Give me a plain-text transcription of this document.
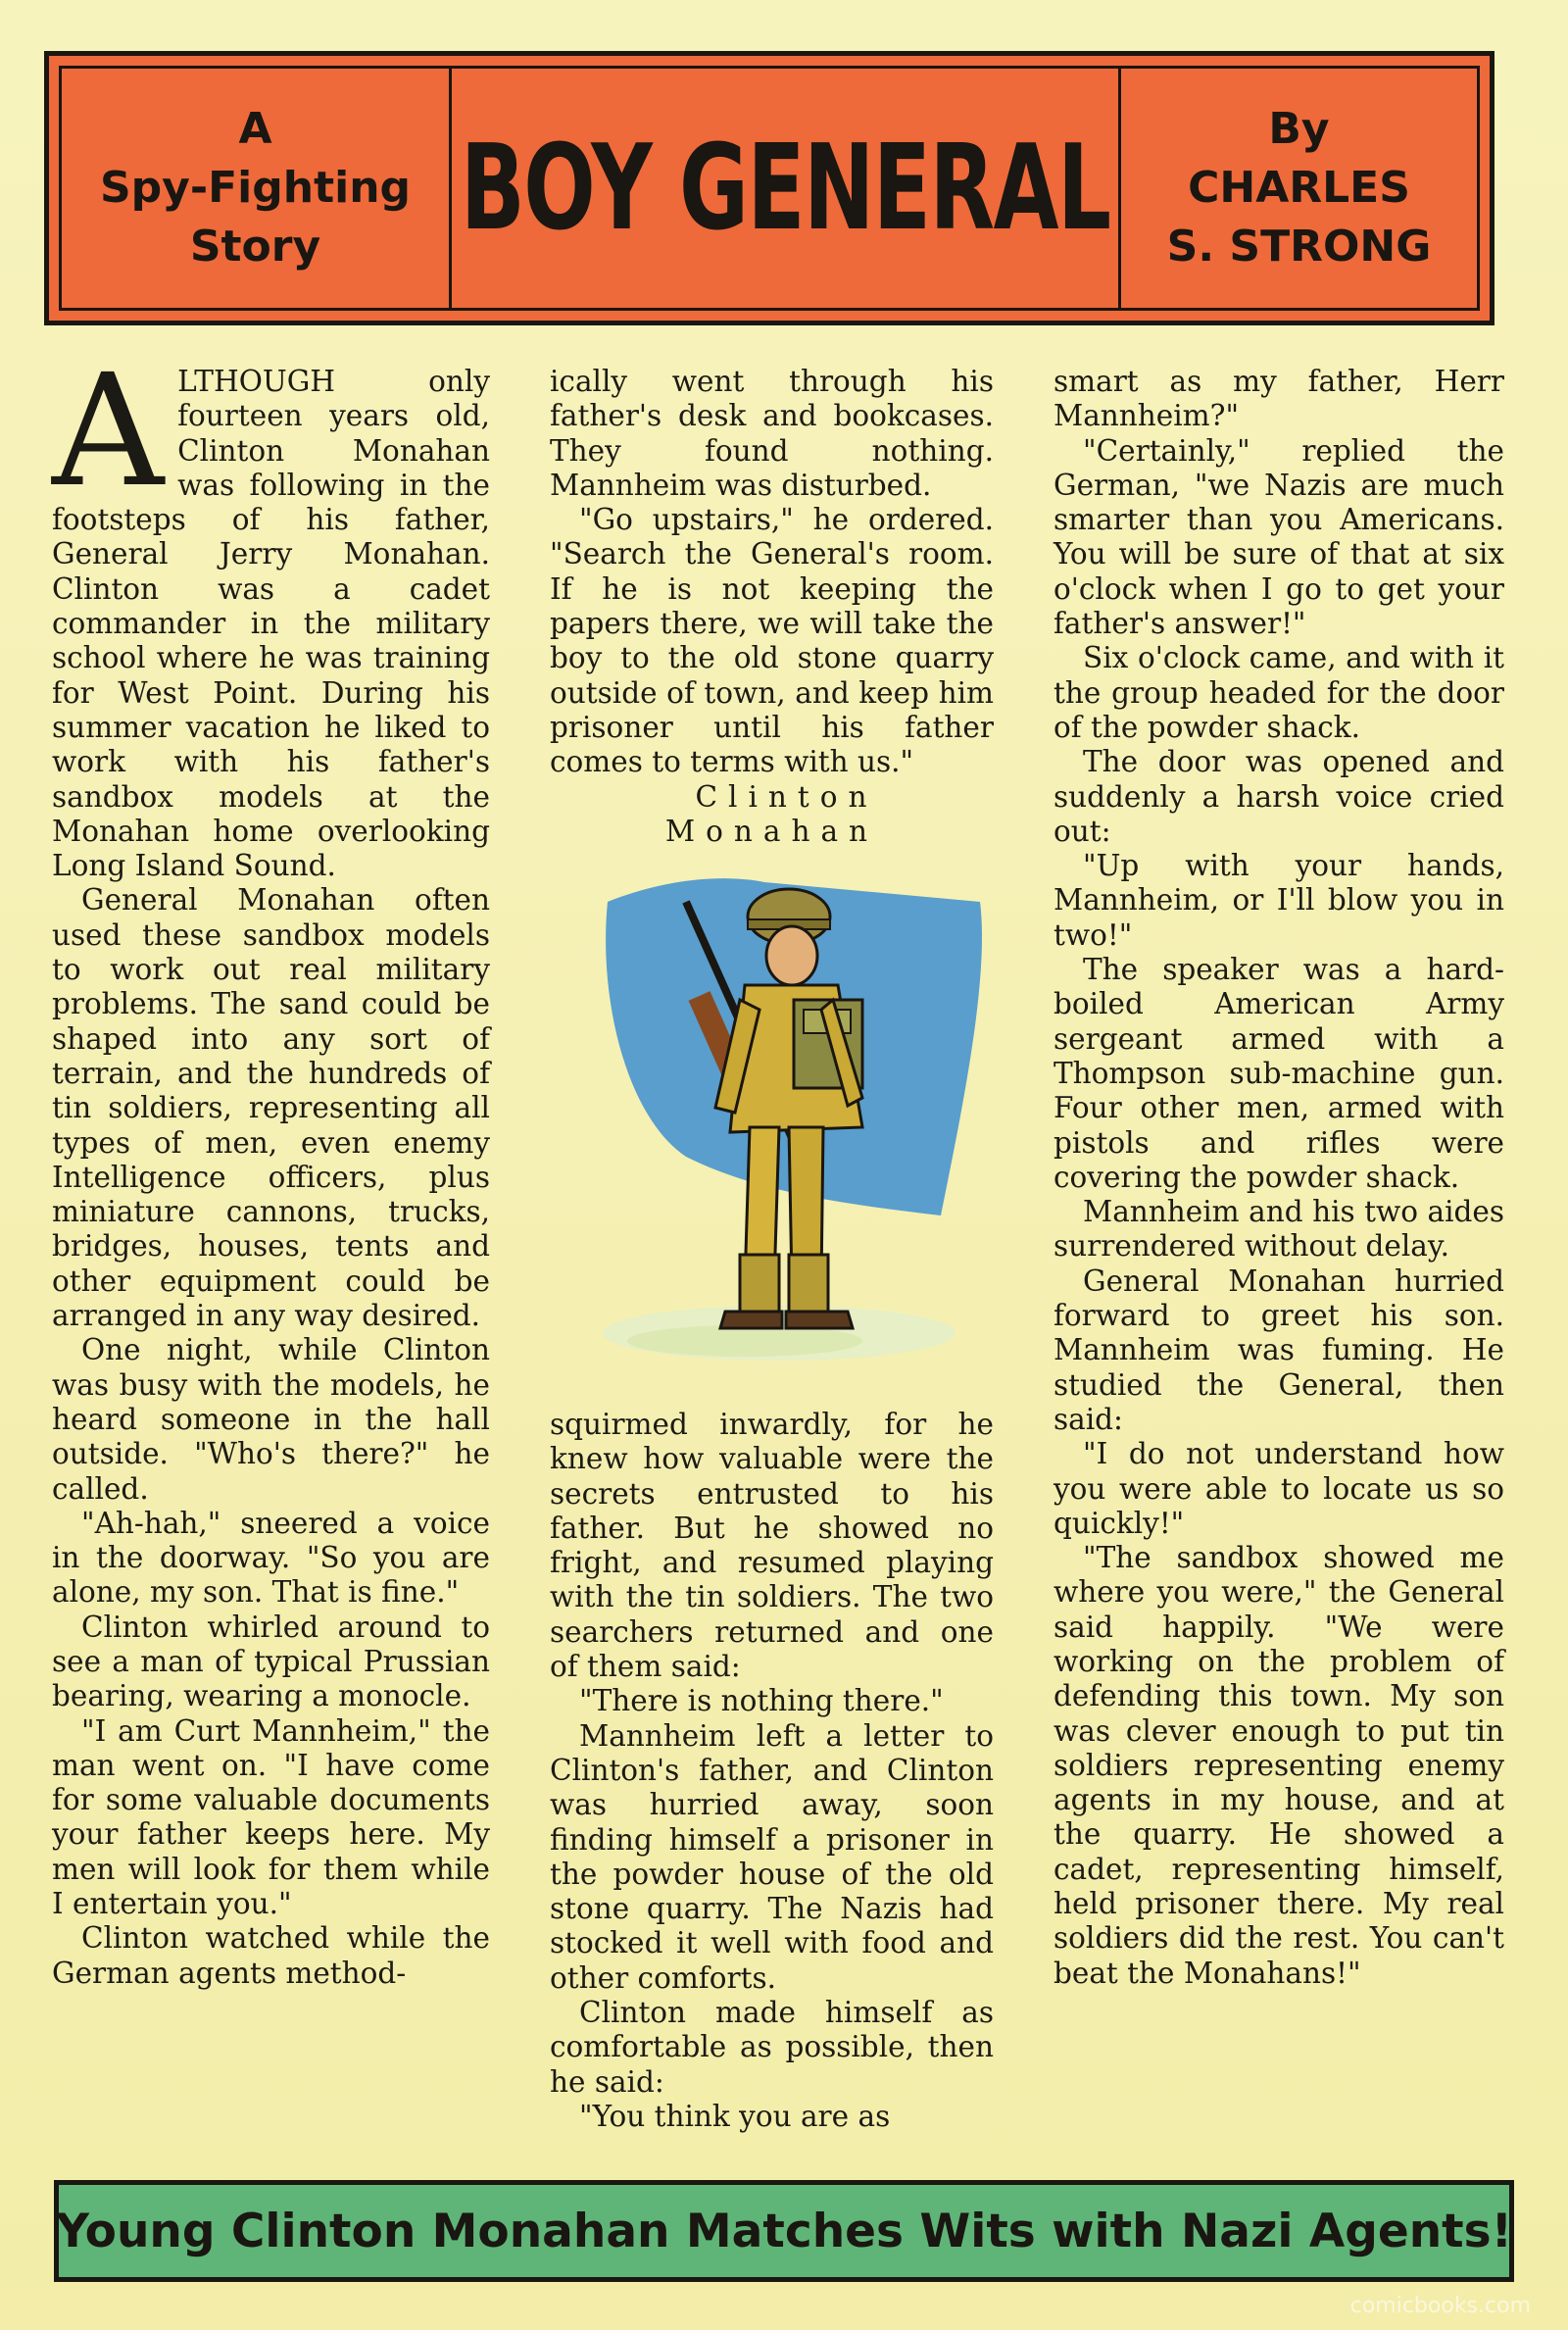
A
Spy-Fighting
Story BOY GENERAL	By
CHARLES
S. STRONG

ALTHOUGH only fourteen years old, Clinton Monahan was following in the footsteps of his father, General Jerry Monahan. Clinton was a cadet commander in the military school where he was training for West Point. During his summer vacation he liked to work with his father's sandbox models at the Monahan home overlooking Long Island Sound.

General Monahan often used these sandbox models to work out real military problems. The sand could be shaped into any sort of terrain, and the hundreds of tin soldiers, representing all types of men, even enemy Intelligence officers, plus miniature cannons, trucks, bridges, houses, tents and other equipment could be arranged in any way desired.

One night, while Clinton was busy with the models, he heard someone in the hall outside. "Who's there?" he called.

"Ah-hah," sneered a voice in the doorway. "So you are alone, my son. That is fine."

Clinton whirled around to see a man of typical Prussian bearing, wearing a monocle.

"I am Curt Mannheim," the man went on. "I have come for some valuable documents your father keeps here. My men will look for them while I entertain you."

Clinton watched while the German agents method-

ically went through his father's desk and bookcases. They found nothing. Mannheim was disturbed.

"Go upstairs," he ordered. "Search the General's room. If he is not keeping the papers there, we will take the boy to the old stone quarry outside of town, and keep him prisoner until his father comes to terms with us."

Clinton Monahan

squirmed inwardly, for he knew how valuable were the secrets entrusted to his father. But he showed no fright, and resumed playing with the tin soldiers. The two searchers returned and one of them said:

"There is nothing there."

Mannheim left a letter to Clinton's father, and Clinton was hurried away, soon finding himself a prisoner in the powder house of the old stone quarry. The Nazis had stocked it well with food and other comforts.

Clinton made himself as comfortable as possible, then he said:

"You think you are as

smart as my father, Herr Mannheim?"

"Certainly," replied the German, "we Nazis are much smarter than you Americans. You will be sure of that at six o'clock when I go to get your father's answer!"

Six o'clock came, and with it the group headed for the door of the powder shack.

The door was opened and suddenly a harsh voice cried out:

"Up with your hands, Mannheim, or I'll blow you in two!"

The speaker was a hard-boiled American Army sergeant armed with a Thompson sub-machine gun. Four other men, armed with pistols and rifles were covering the powder shack.

Mannheim and his two aides surrendered without delay.

General Monahan hurried forward to greet his son. Mannheim was fuming. He studied the General, then said:

"I do not understand how you were able to locate us so quickly!"

"The sandbox showed me where you were," the General said happily. "We were working on the problem of defending this town. My son was clever enough to put tin soldiers representing enemy agents in my house, and at the quarry. He showed a cadet, representing himself, held prisoner there. My real soldiers did the rest. You can't beat the Monahans!"

Young Clinton Monahan Matches Wits with Nazi Agents!
comicbooks.com
